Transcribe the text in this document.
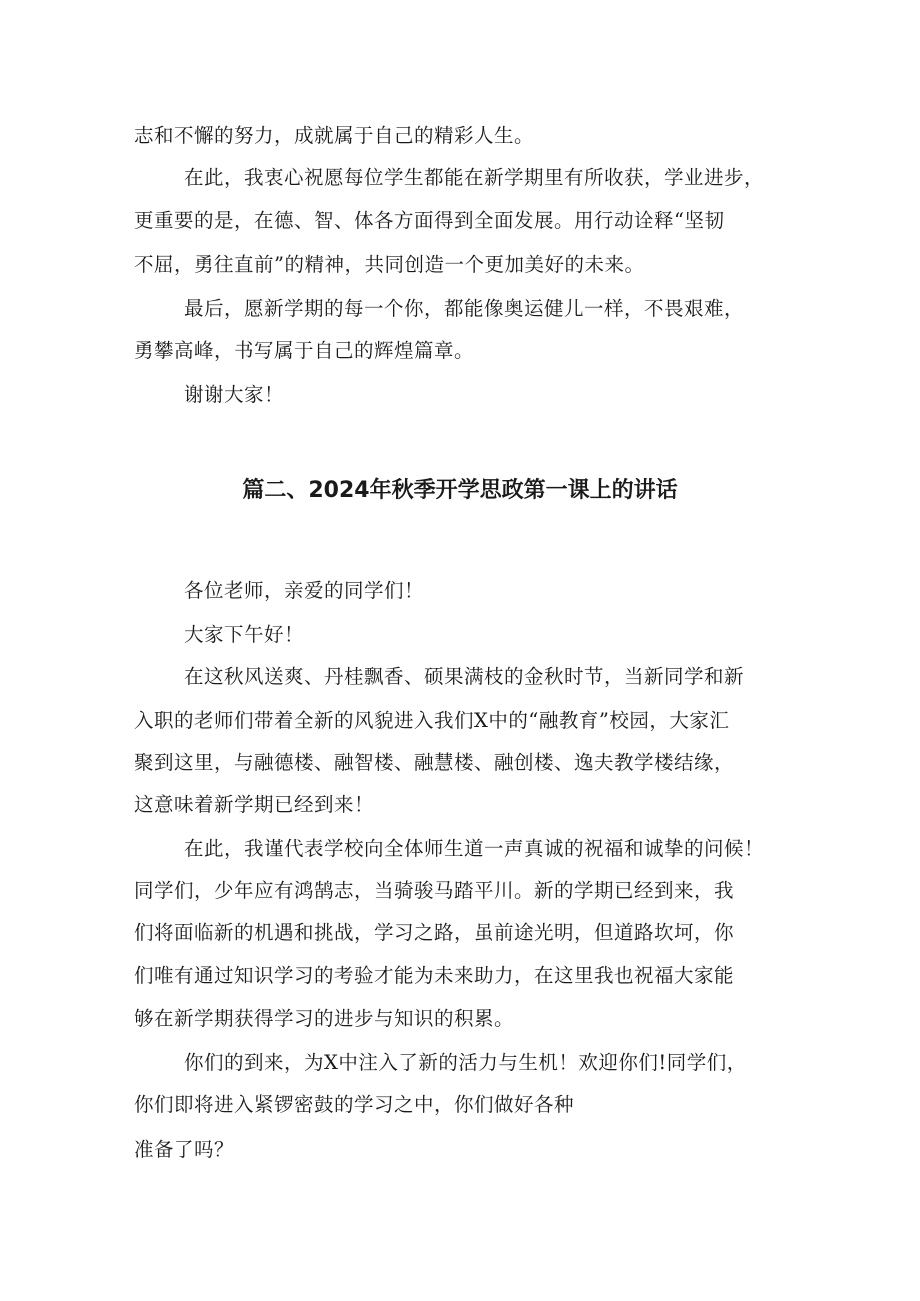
志和不懈的努力，成就属于自己的精彩人生。

在此，我衷心祝愿每位学生都能在新学期里有所收获，学业进步，

更重要的是，在德、智、体各方面得到全面发展。用行动诠释“坚韧

不屈，勇往直前”的精神，共同创造一个更加美好的未来。

最后，愿新学期的每一个你，都能像奥运健儿一样，不畏艰难，

勇攀高峰，书写属于自己的辉煌篇章。

谢谢大家！

篇二、2024年秋季开学思政第一课上的讲话

各位老师，亲爱的同学们！

大家下午好！

在这秋风送爽、丹桂飘香、硕果满枝的金秋时节，当新同学和新

入职的老师们带着全新的风貌进入我们X中的“融教育”校园，大家汇

聚到这里，与融德楼、融智楼、融慧楼、融创楼、逸夫教学楼结缘，

这意味着新学期已经到来！

在此，我谨代表学校向全体师生道一声真诚的祝福和诚挚的问候！

同学们，少年应有鸿鹄志，当骑骏马踏平川。新的学期已经到来，我

们将面临新的机遇和挑战，学习之路，虽前途光明，但道路坎坷，你

们唯有通过知识学习的考验才能为未来助力，在这里我也祝福大家能

够在新学期获得学习的进步与知识的积累。

你们的到来，为X中注入了新的活力与生机！欢迎你们!同学们，

你们即将进入紧锣密鼓的学习之中，你们做好各种

准备了吗？
